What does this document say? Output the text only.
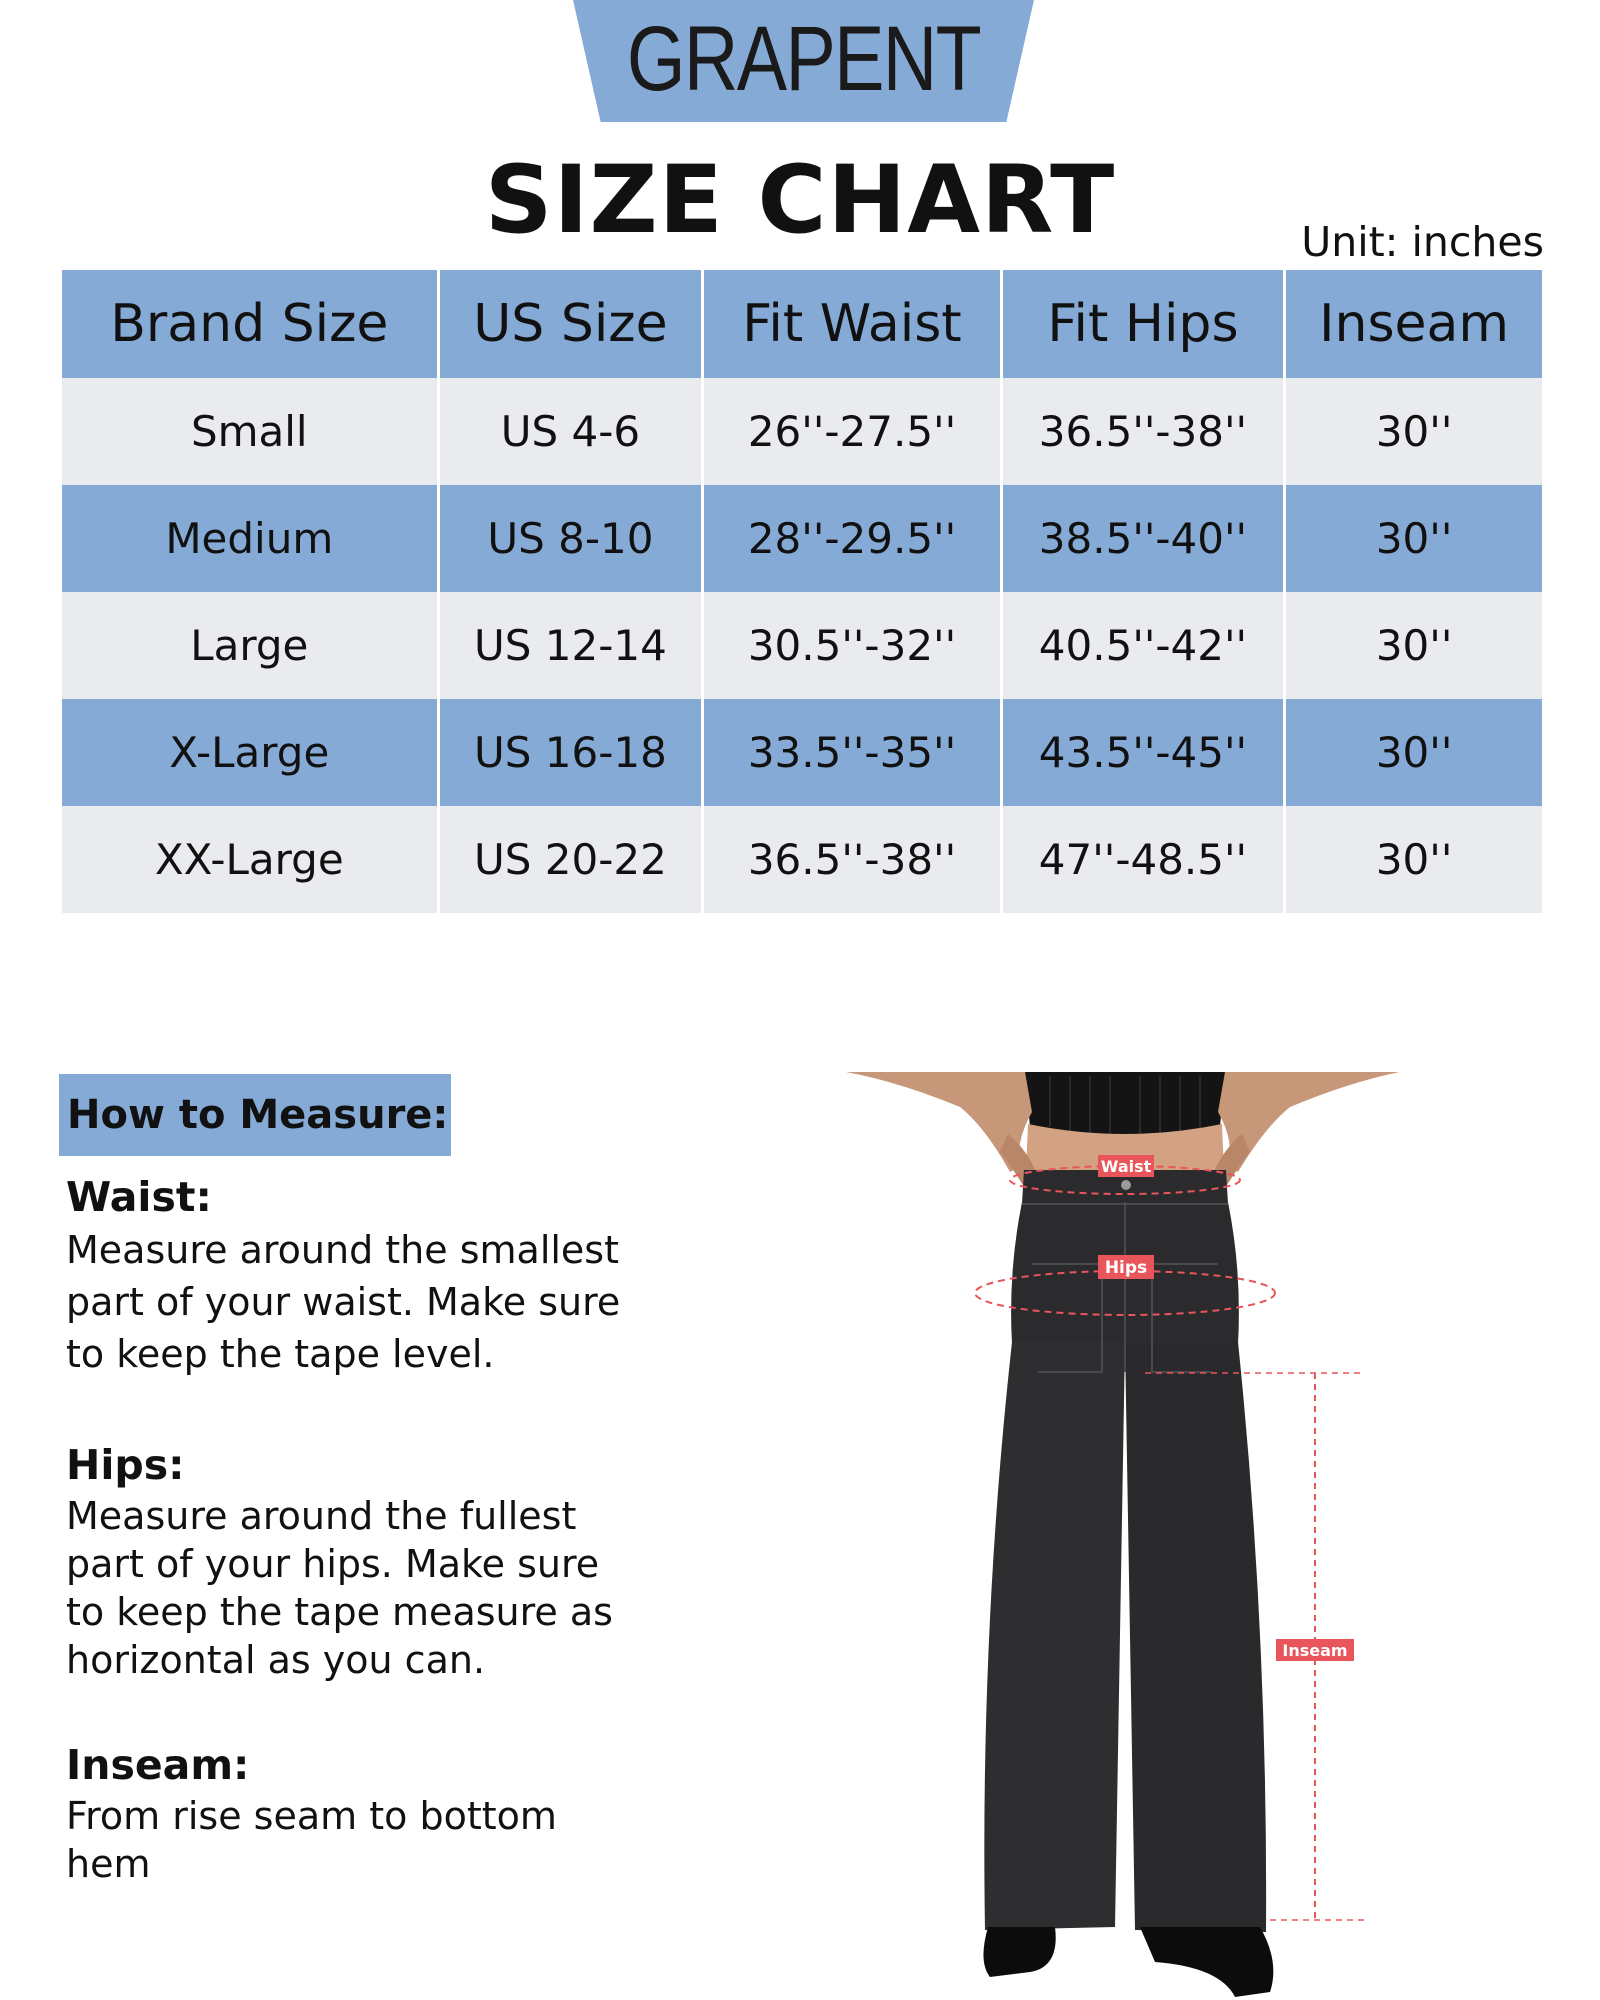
GRAPENT
SIZE CHART	Unit: inches
Brand Size	US Size	Fit Waist	Fit Hips	Inseam
Small	US 4-6	26''-27.5''	36.5''-38''	30''
Medium	US 8-10	28''-29.5''	38.5''-40''	30''
Large	US 12-14	30.5''-32''	40.5''-42''	30''
X-Large	US 16-18	33.5''-35''	43.5''-45''	30''
XX-Large	US 20-22	36.5''-38''	47''-48.5''	30''
How to Measure:
Waist:
Measure around the smallest
part of your waist. Make sure
to keep the tape level.
Hips:
Measure around the fullest
part of your hips. Make sure
to keep the tape measure as
horizontal as you can.
Inseam:
From rise seam to bottom
hem
Waist
Hips
Inseam
